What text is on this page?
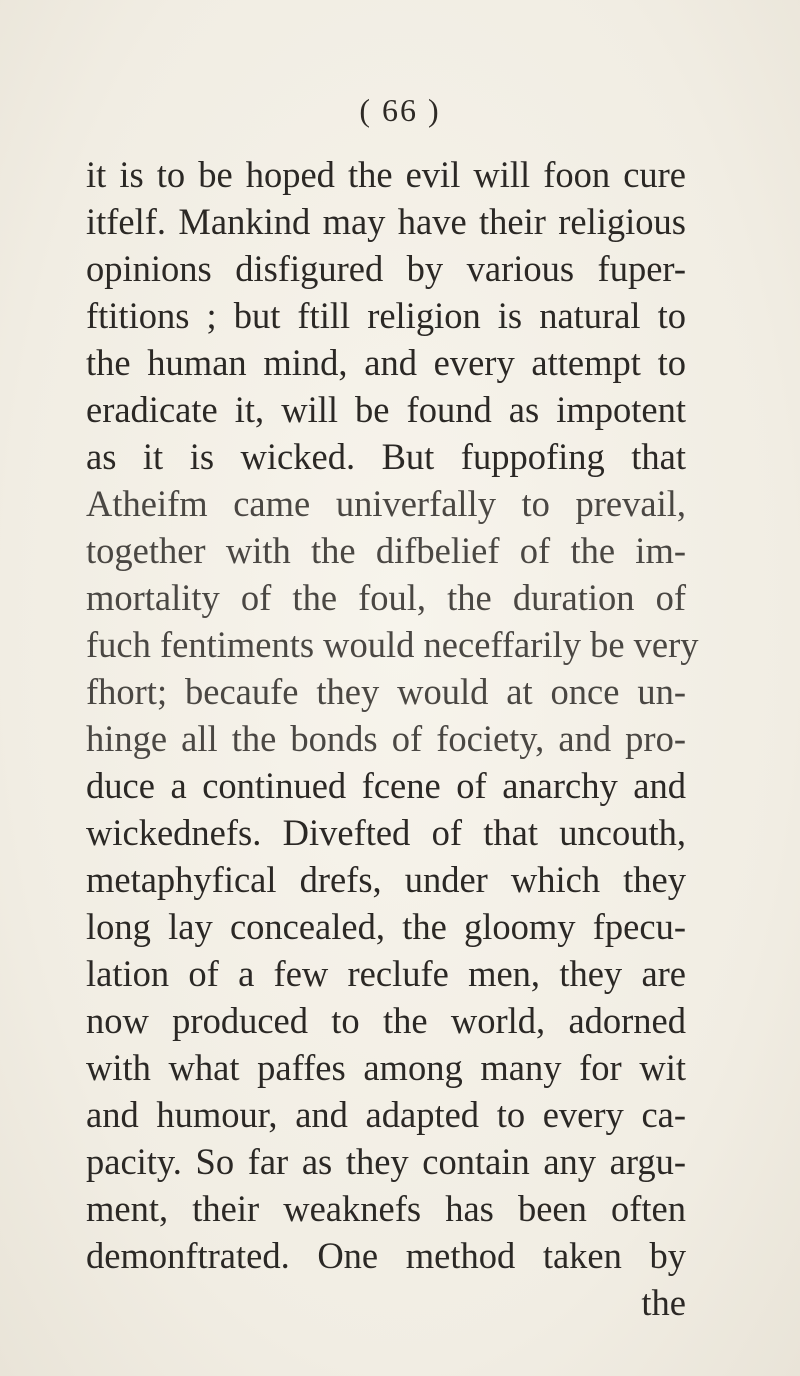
( 66 )
it is to be hoped the evil will foon cure
itfelf. Mankind may have their religious
opinions disfigured by various fuper-
ftitions ; but ftill religion is natural to
the human mind, and every attempt to
eradicate it, will be found as impotent
as it is wicked. But fuppofing that
Atheifm came univerfally to prevail,
together with the difbelief of the im-
mortality of the foul, the duration of
fuch fentiments would neceffarily be very
fhort; becaufe they would at once un-
hinge all the bonds of fociety, and pro-
duce a continued fcene of anarchy and
wickednefs. Divefted of that uncouth,
metaphyfical drefs, under which they
long lay concealed, the gloomy fpecu-
lation of a few reclufe men, they are
now produced to the world, adorned
with what paffes among many for wit
and humour, and adapted to every ca-
pacity. So far as they contain any argu-
ment, their weaknefs has been often
demonftrated. One method taken by
the
